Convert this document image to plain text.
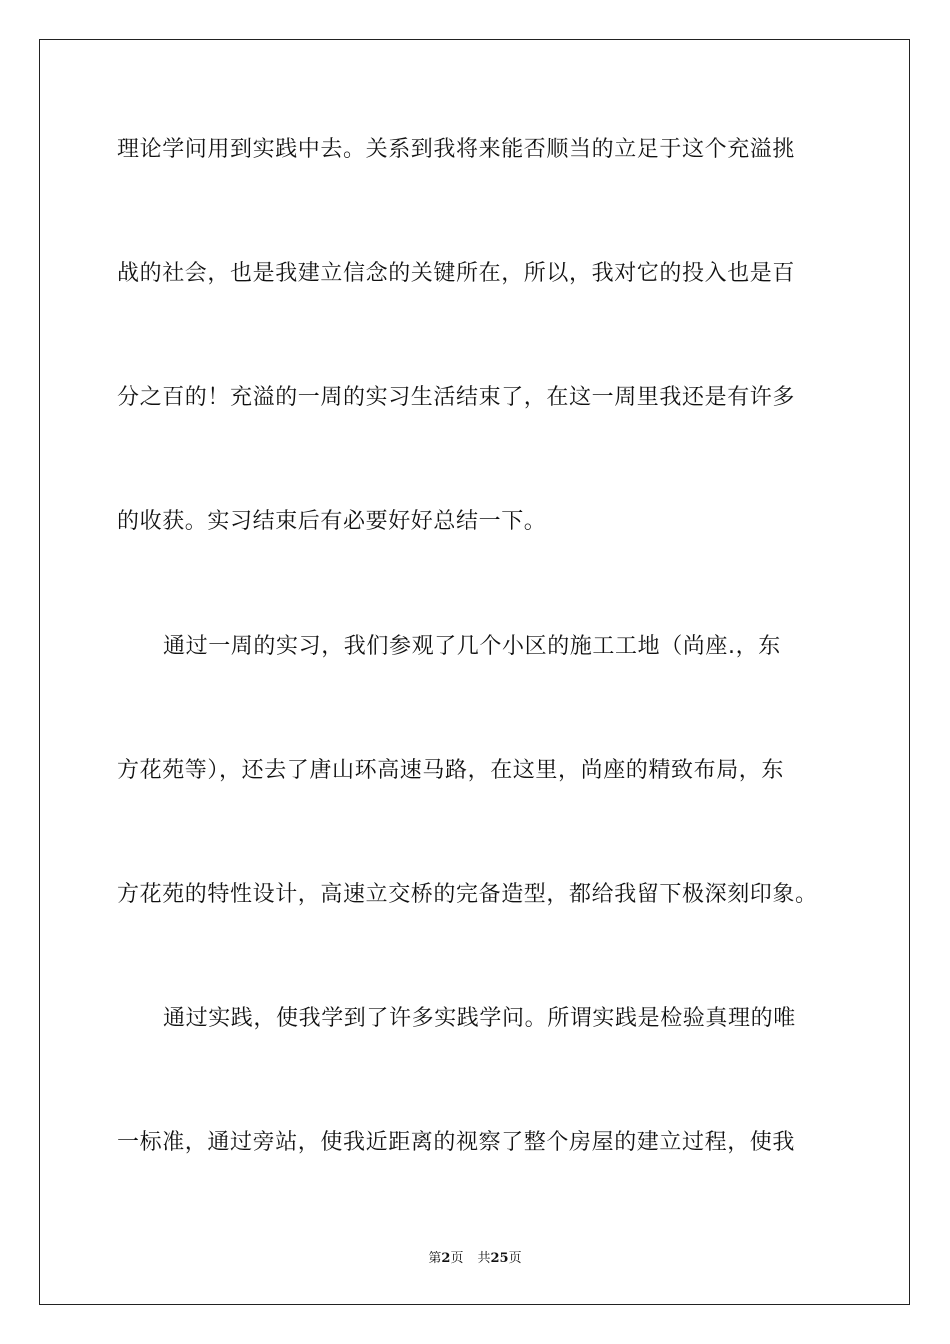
理论学问用到实践中去。关系到我将来能否顺当的立足于这个充溢挑
战的社会，也是我建立信念的关键所在，所以，我对它的投入也是百
分之百的！充溢的一周的实习生活结束了，在这一周里我还是有许多
的收获。实习结束后有必要好好总结一下。
通过一周的实习，我们参观了几个小区的施工工地（尚座.，东
方花苑等），还去了唐山环高速马路，在这里，尚座的精致布局，东
方花苑的特性设计，高速立交桥的完备造型，都给我留下极深刻印象。
通过实践，使我学到了许多实践学问。所谓实践是检验真理的唯
一标准，通过旁站，使我近距离的视察了整个房屋的建立过程，使我
第2页 共25页
